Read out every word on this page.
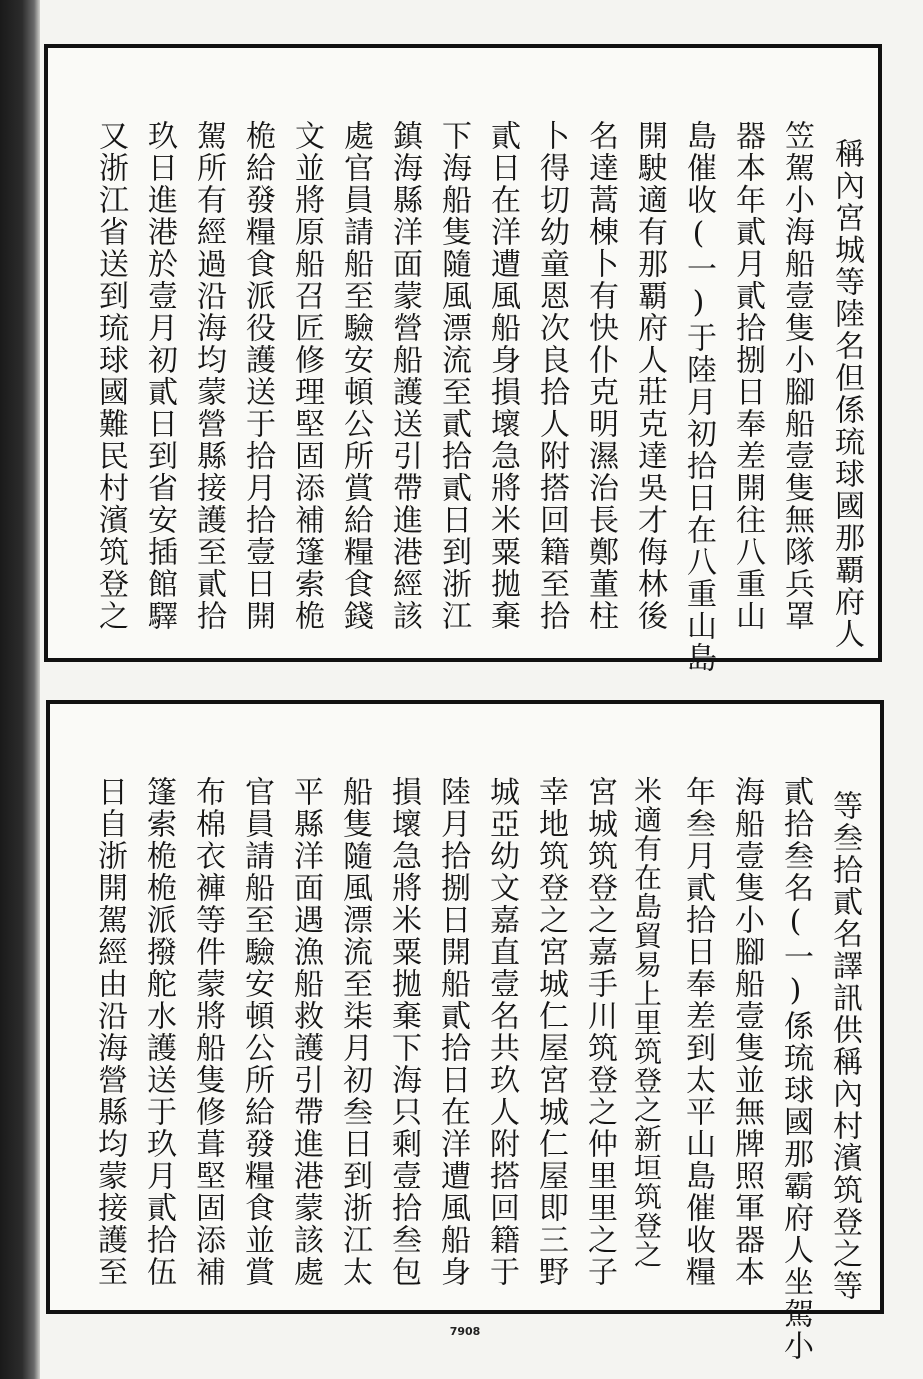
稱內宮城等陸名但係琉球國那覇府人
笠駕小海船壹隻小腳船壹隻無隊兵罩
器本年貳月貳拾捌日奉差開往八重山
島催收(一)于陸月初拾日在八重山島
開駛適有那覇府人莊克達吳才侮林後
名達蒿棟卜有快仆克明濕治長鄭董柱
卜得切幼童恩次良拾人附搭回籍至拾
貳日在洋遭風船身損壞急將米粟拋棄
下海船隻隨風漂流至貳拾貳日到浙江
鎮海縣洋面蒙營船護送引帶進港經該
處官員請船至驗安頓公所賞給糧食錢
文並將原船召匠修理堅固添補篷索桅
桅給發糧食派役護送于拾月拾壹日開
駕所有經過沿海均蒙營縣接護至貳拾
玖日進港於壹月初貳日到省安插館驛
又浙江省送到琉球國難民村濱筑登之
等叁拾貳名譯訊供稱內村濱筑登之等
貳拾叁名(一)係琉球國那霸府人坐駕小
海船壹隻小腳船壹隻並無牌照軍器本
年叁月貳拾日奉差到太平山島催收糧
米適有在島貿易上里筑登之新垣筑登之
宮城筑登之嘉手川筑登之仲里里之子
幸地筑登之宮城仁屋宮城仁屋即三野
城亞幼文嘉直壹名共玖人附搭回籍于
陸月拾捌日開船貳拾日在洋遭風船身
損壞急將米粟拋棄下海只剩壹拾叁包
船隻隨風漂流至柒月初叁日到浙江太
平縣洋面遇漁船救護引帶進港蒙該處
官員請船至驗安頓公所給發糧食並賞
布棉衣褲等件蒙將船隻修葺堅固添補
篷索桅桅派撥舵水護送于玖月貳拾伍
日自浙開駕經由沿海營縣均蒙接護至
7908
